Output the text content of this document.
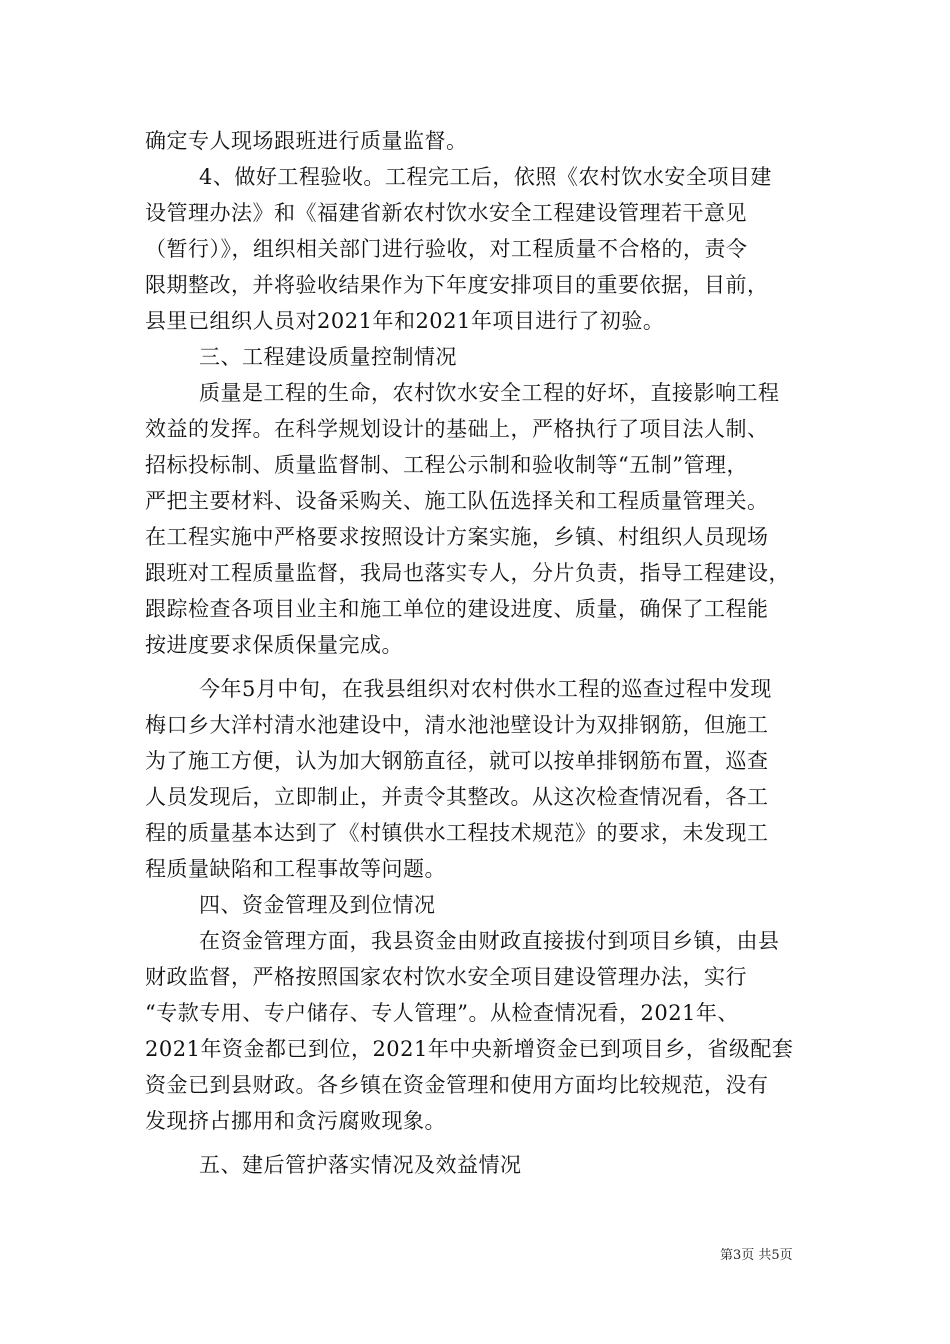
确定专人现场跟班进行质量监督。
4、做好工程验收。工程完工后，依照《农村饮水安全项目建
设管理办法》和《福建省新农村饮水安全工程建设管理若干意见
（暂行）》，组织相关部门进行验收，对工程质量不合格的，责令
限期整改，并将验收结果作为下年度安排项目的重要依据，目前，
县里已组织人员对2021年和2021年项目进行了初验。
三、工程建设质量控制情况
质量是工程的生命，农村饮水安全工程的好坏，直接影响工程
效益的发挥。在科学规划设计的基础上，严格执行了项目法人制、
招标投标制、质量监督制、工程公示制和验收制等“五制”管理，
严把主要材料、设备采购关、施工队伍选择关和工程质量管理关。
在工程实施中严格要求按照设计方案实施，乡镇、村组织人员现场
跟班对工程质量监督，我局也落实专人，分片负责，指导工程建设，
跟踪检查各项目业主和施工单位的建设进度、质量，确保了工程能
按进度要求保质保量完成。
今年5月中旬，在我县组织对农村供水工程的巡查过程中发现
梅口乡大洋村清水池建设中，清水池池壁设计为双排钢筋，但施工
为了施工方便，认为加大钢筋直径，就可以按单排钢筋布置，巡查
人员发现后，立即制止，并责令其整改。从这次检查情况看，各工
程的质量基本达到了《村镇供水工程技术规范》的要求，未发现工
程质量缺陷和工程事故等问题。
四、资金管理及到位情况
在资金管理方面，我县资金由财政直接拔付到项目乡镇，由县
财政监督，严格按照国家农村饮水安全项目建设管理办法，实行
“专款专用、专户储存、专人管理”。从检查情况看，2021年、
2021年资金都已到位，2021年中央新增资金已到项目乡，省级配套
资金已到县财政。各乡镇在资金管理和使用方面均比较规范，没有
发现挤占挪用和贪污腐败现象。
五、建后管护落实情况及效益情况
第3页 共5页
